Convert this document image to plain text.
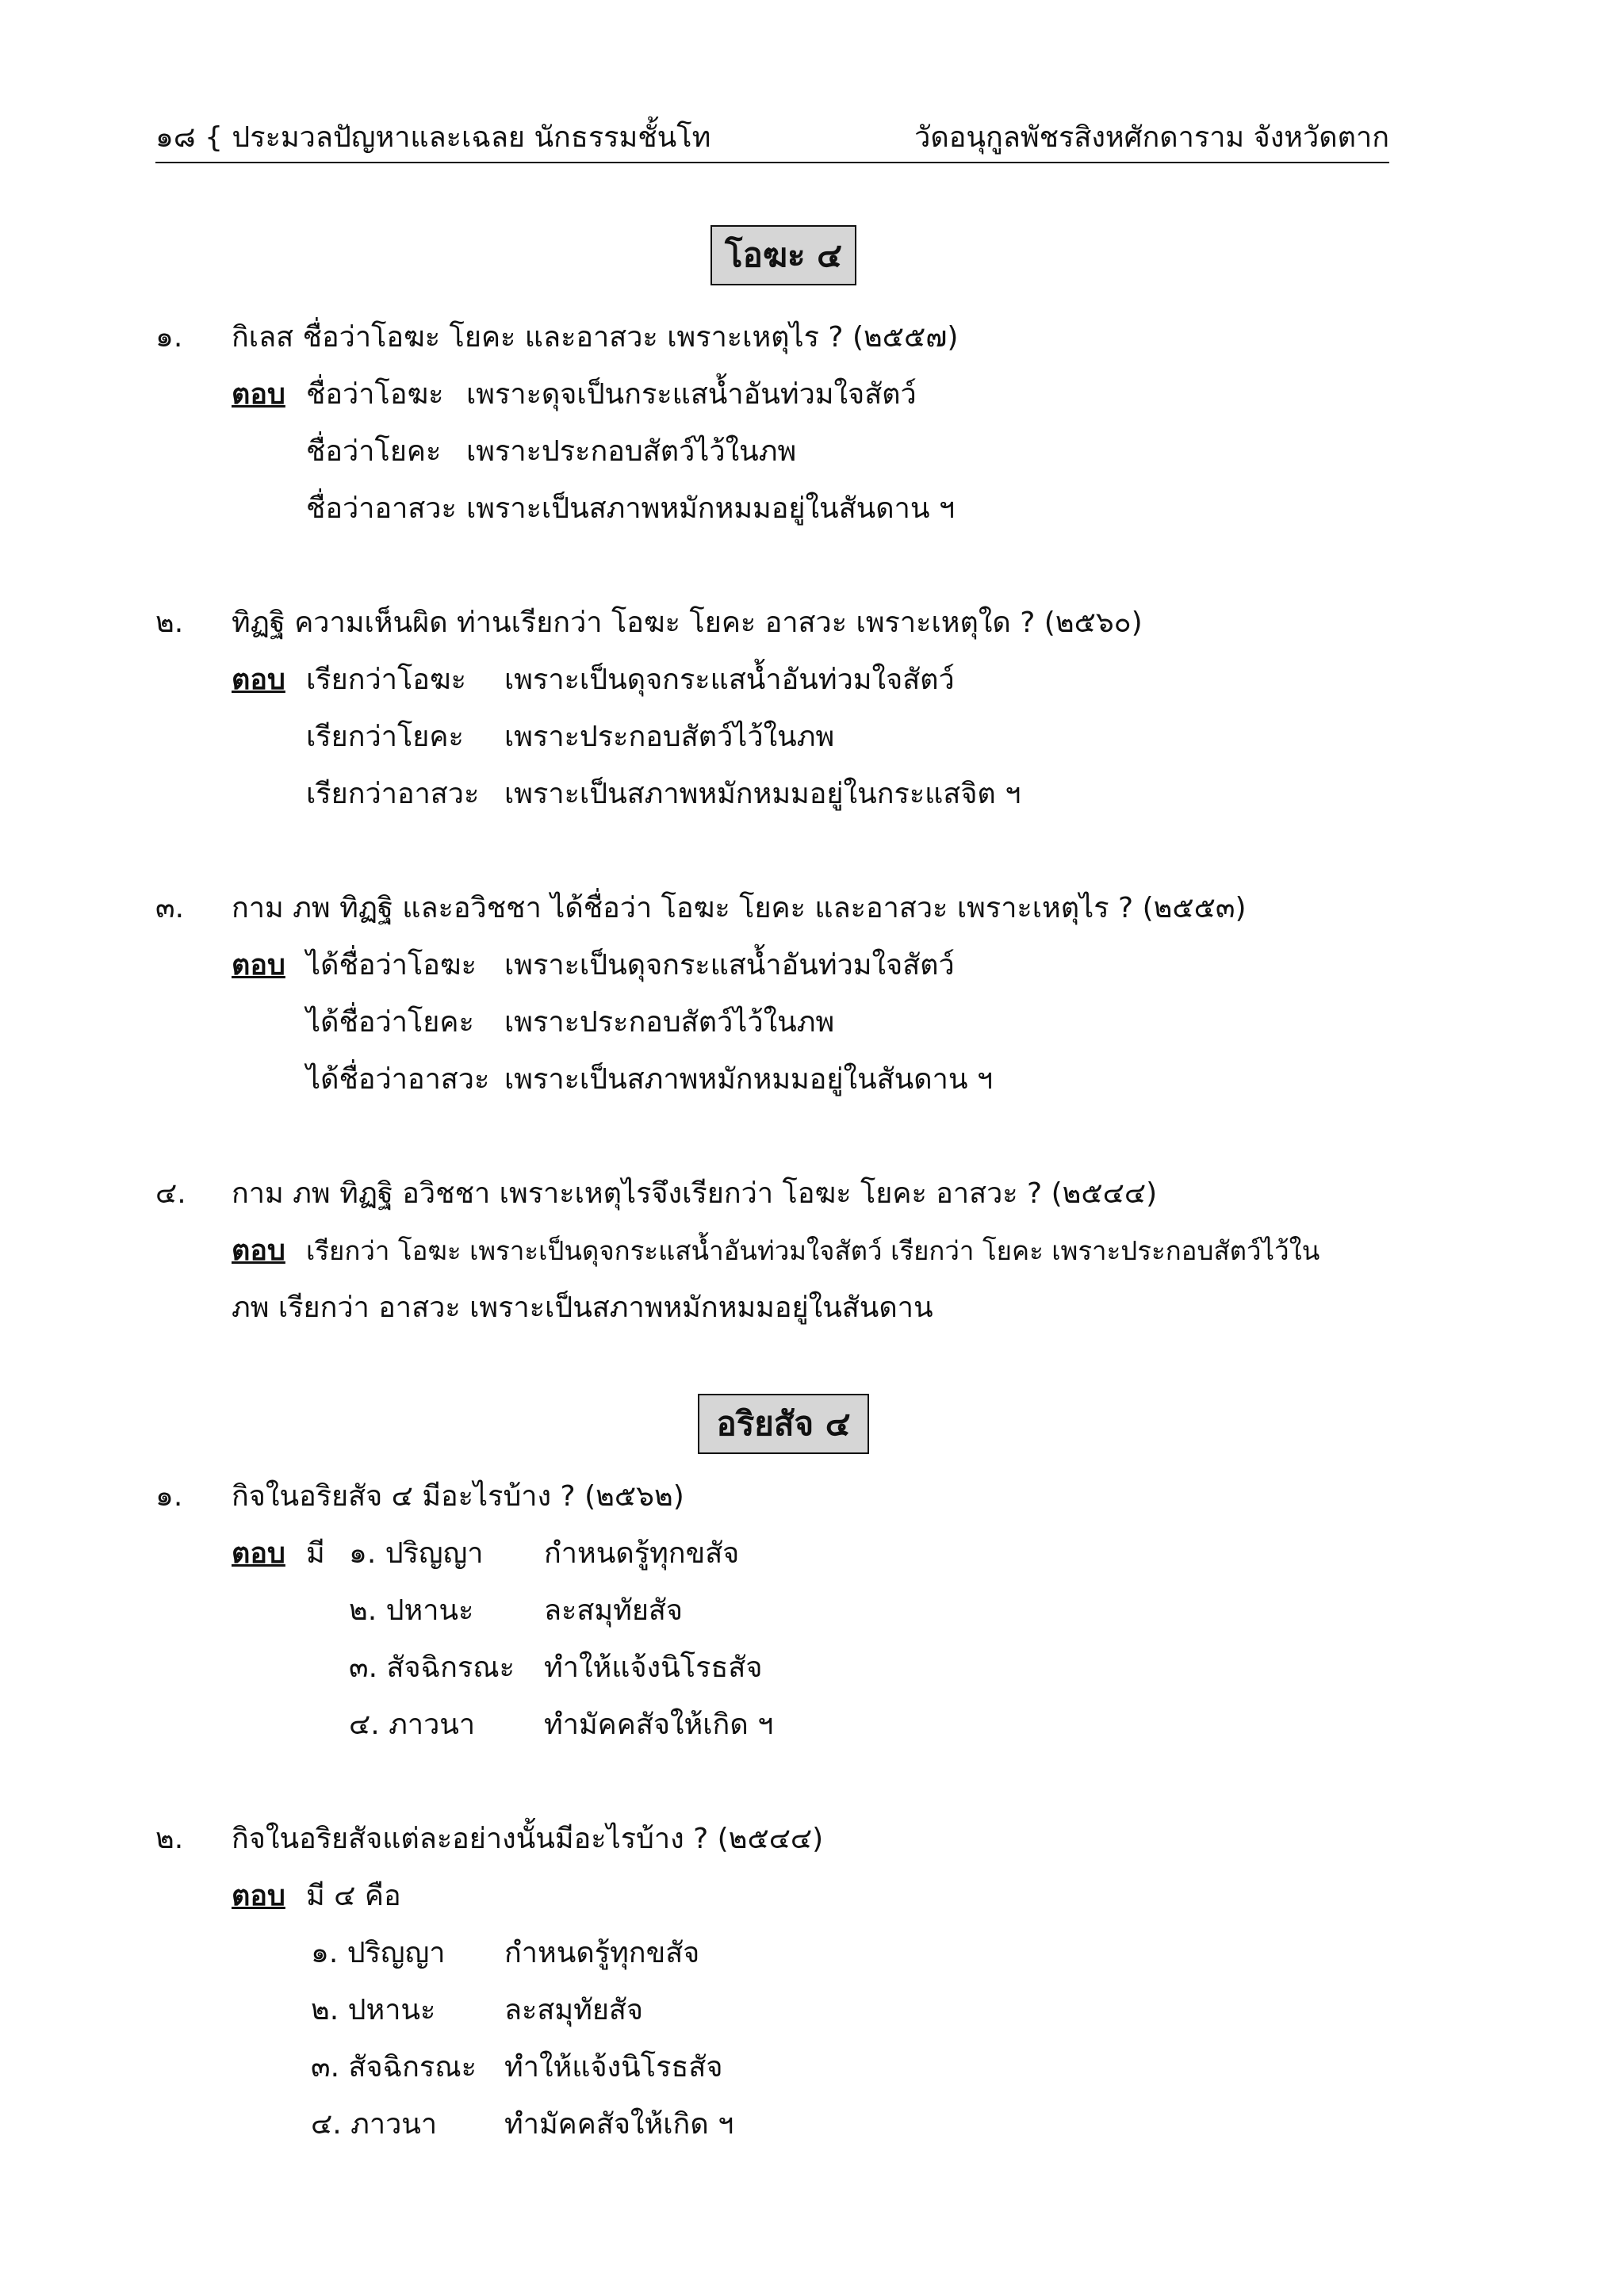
๑๘ { ประมวลปัญหาและเฉลย นักธรรมชั้นโท	วัดอนุกูลพัชรสิงหศักดาราม จังหวัดตาก
โอฆะ ๔
๑. กิเลส ชื่อว่าโอฆะ โยคะ และอาสวะ เพราะเหตุไร ? (๒๕๕๗)
ตอบ ชื่อว่าโอฆะ เพราะดุจเป็นกระแสน้ำอันท่วมใจสัตว์
ชื่อว่าโยคะ เพราะประกอบสัตว์ไว้ในภพ
ชื่อว่าอาสวะ เพราะเป็นสภาพหมักหมมอยู่ในสันดาน ฯ
๒. ทิฏฐิ ความเห็นผิด ท่านเรียกว่า โอฆะ โยคะ อาสวะ เพราะเหตุใด ? (๒๕๖๐)
ตอบ เรียกว่าโอฆะ เพราะเป็นดุจกระแสน้ำอันท่วมใจสัตว์
เรียกว่าโยคะ เพราะประกอบสัตว์ไว้ในภพ
เรียกว่าอาสวะ เพราะเป็นสภาพหมักหมมอยู่ในกระแสจิต ฯ
๓. กาม ภพ ทิฏฐิ และอวิชชา ได้ชื่อว่า โอฆะ โยคะ และอาสวะ เพราะเหตุไร ? (๒๕๕๓)
ตอบ ได้ชื่อว่าโอฆะ เพราะเป็นดุจกระแสน้ำอันท่วมใจสัตว์
ได้ชื่อว่าโยคะ เพราะประกอบสัตว์ไว้ในภพ
ได้ชื่อว่าอาสวะ เพราะเป็นสภาพหมักหมมอยู่ในสันดาน ฯ
๔. กาม ภพ ทิฏฐิ อวิชชา เพราะเหตุไรจึงเรียกว่า โอฆะ โยคะ อาสวะ ? (๒๕๔๔)
ตอบ เรียกว่า โอฆะ เพราะเป็นดุจกระแสน้ำอันท่วมใจสัตว์ เรียกว่า โยคะ เพราะประกอบสัตว์ไว้ใน
ภพ เรียกว่า อาสวะ เพราะเป็นสภาพหมักหมมอยู่ในสันดาน
อริยสัจ ๔
๑. กิจในอริยสัจ ๔ มีอะไรบ้าง ? (๒๕๖๒)
ตอบ มี ๑. ปริญญา กำหนดรู้ทุกขสัจ
๒. ปหานะ ละสมุทัยสัจ
๓. สัจฉิกรณะ ทำให้แจ้งนิโรธสัจ
๔. ภาวนา ทำมัคคสัจให้เกิด ฯ
๒. กิจในอริยสัจแต่ละอย่างนั้นมีอะไรบ้าง ? (๒๕๔๔)
ตอบ มี ๔ คือ
๑. ปริญญา กำหนดรู้ทุกขสัจ
๒. ปหานะ ละสมุทัยสัจ
๓. สัจฉิกรณะ ทำให้แจ้งนิโรธสัจ
๔. ภาวนา ทำมัคคสัจให้เกิด ฯ
